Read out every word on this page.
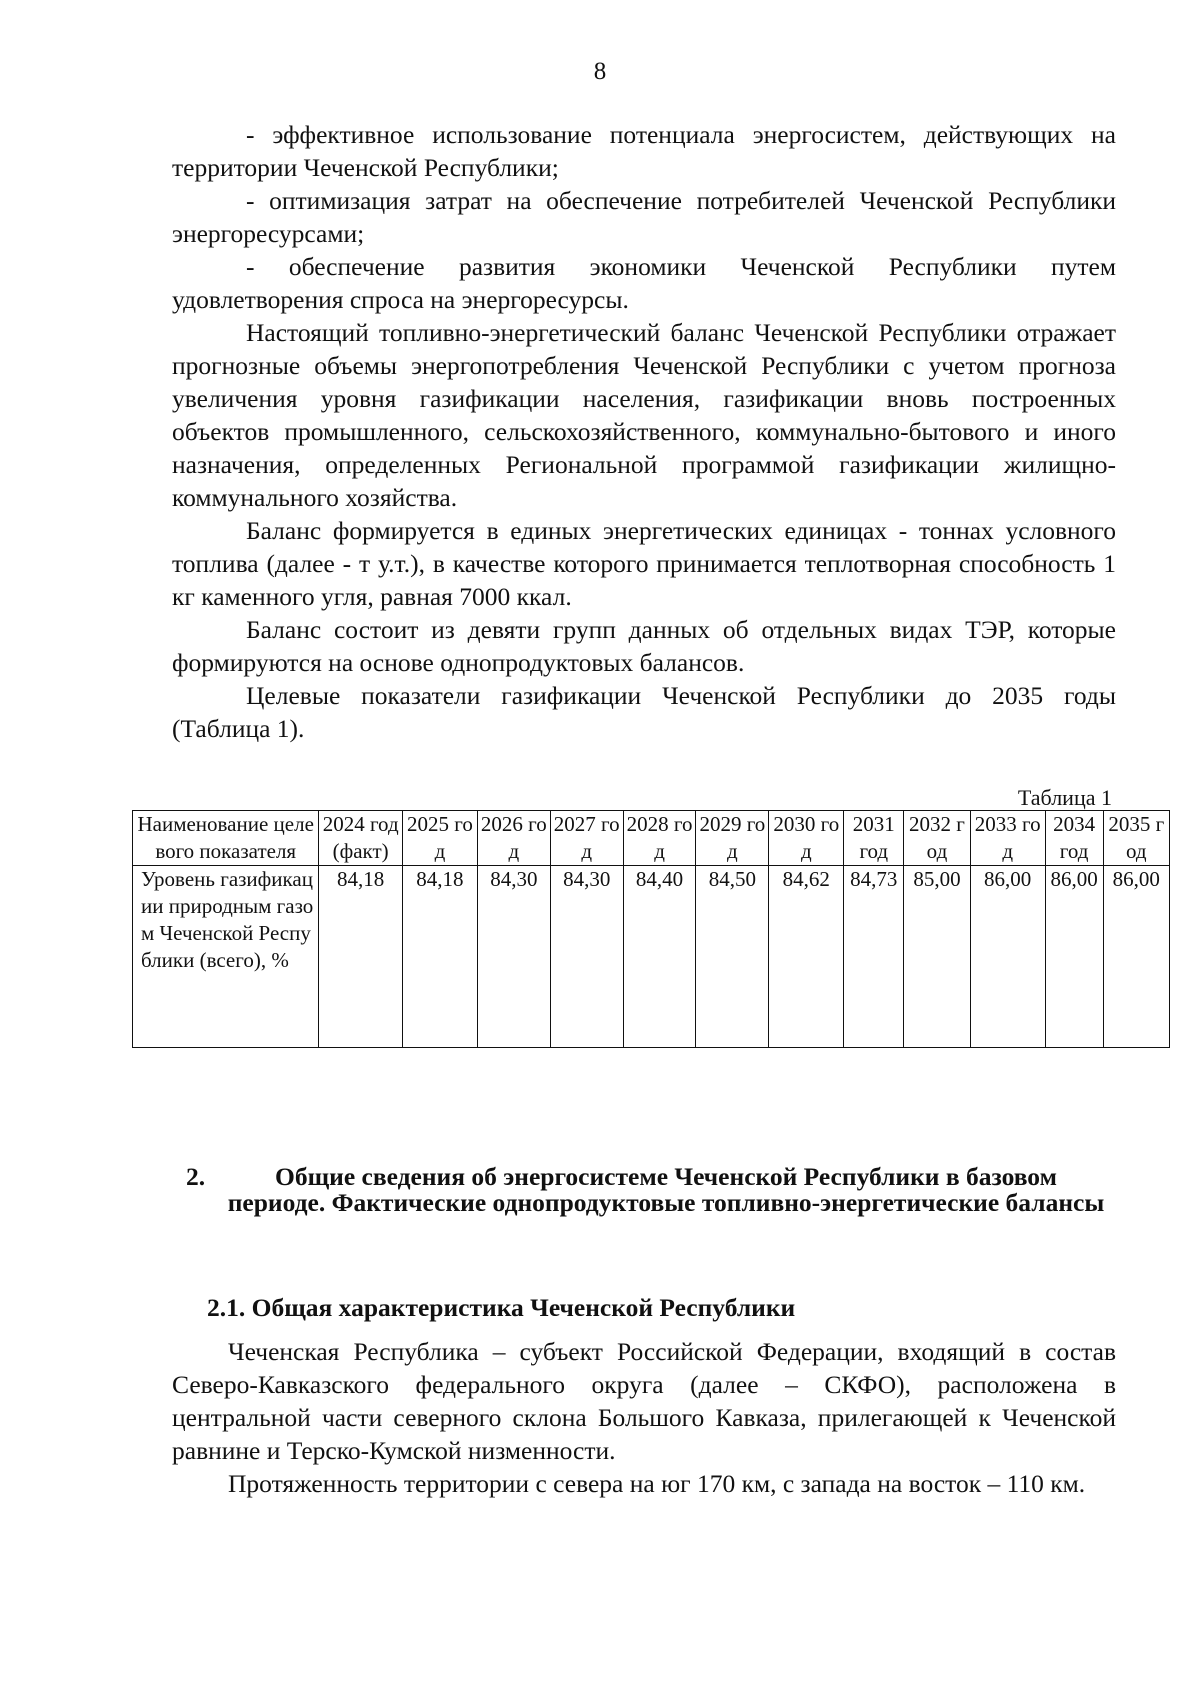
8

- эффективное использование потенциала энергосистем, действующих на территории Чеченской Республики;

- оптимизация затрат на обеспечение потребителей Чеченской Республики энергоресурсами;

- обеспечение развития экономики Чеченской Республики путем удовлетворения спроса на энергоресурсы.

Настоящий топливно-энергетический баланс Чеченской Республики отражает прогнозные объемы энергопотребления Чеченской Республики с учетом прогноза увеличения уровня газификации населения, газификации вновь построенных объектов промышленного, сельскохозяйственного, коммунально-бытового и иного назначения, определенных Региональной программой газификации жилищно-коммунального хозяйства.

Баланс формируется в единых энергетических единицах - тоннах условного топлива (далее - т у.т.), в качестве которого принимается теплотворная способность 1 кг каменного угля, равная 7000 ккал.

Баланс состоит из девяти групп данных об отдельных видах ТЭР, которые формируются на основе однопродуктовых балансов.

Целевые показатели газификации Чеченской Республики до 2035 годы (Таблица 1).

Таблица 1
Наименование целевого показателя	2024 год (факт)	2025 год	2026 год	2027 год	2028 год	2029 год	2030 год	2031 год	2032 год	2033 год	2034 год	2035 год
Уровень газификации природным газом Чеченской Республики (всего), %	84,18	84,18	84,30	84,30	84,40	84,50	84,62	84,73	85,00	86,00	86,00	86,00
2.	Общие сведения об энергосистеме Чеченской Республики в базовом периоде. Фактические однопродуктовые топливно-энергетические балансы
2.1. Общая характеристика Чеченской Республики

Чеченская Республика – субъект Российской Федерации, входящий в состав Северо-Кавказского федерального округа (далее – СКФО), расположена в центральной части северного склона Большого Кавказа, прилегающей к Чеченской равнине и Терско-Кумской низменности.

Протяженность территории с севера на юг 170 км, с запада на восток – 110 км.
